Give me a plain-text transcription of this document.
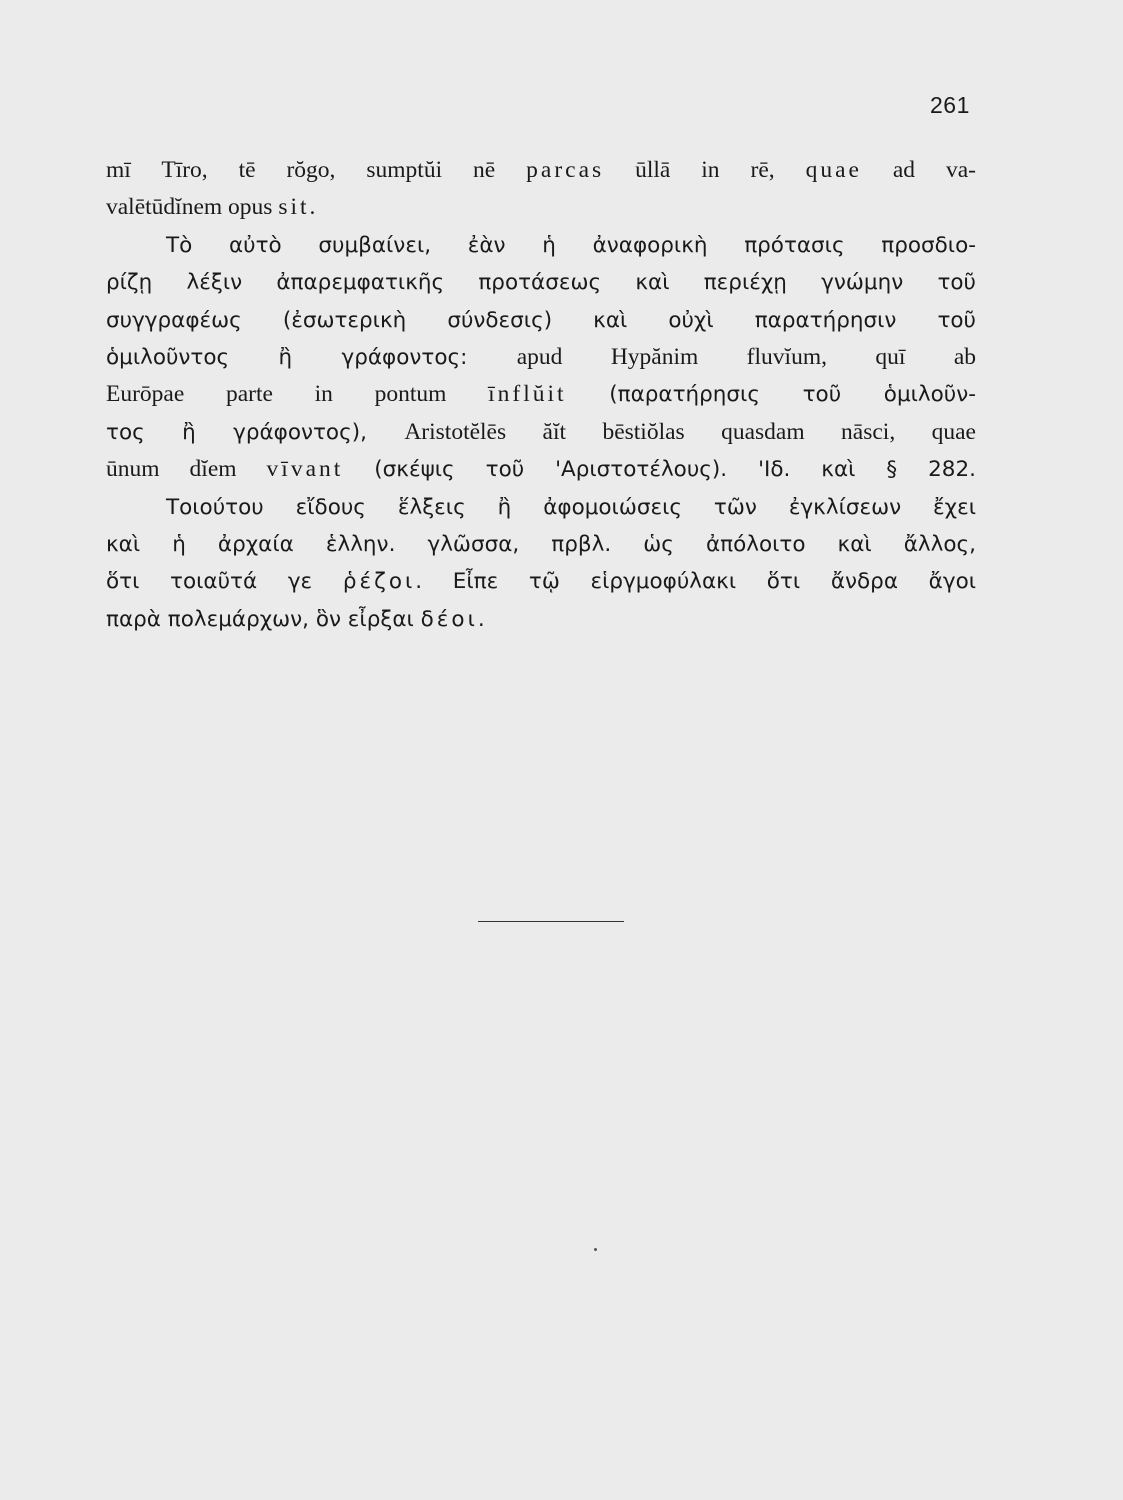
261
mī Tīro, tē rŏgo, sumptŭi nē parcas ūllā in rē, quae ad va-
valētūdĭnem opus sit.
Τὸ αὐτὸ συμβαίνει, ἐὰν ἡ ἀναφορικὴ πρότασις προσδιο-
ρίζῃ λέξιν ἀπαρεμφατικῆς προτάσεως καὶ περιέχῃ γνώμην τοῦ
συγγραφέως (ἐσωτερικὴ σύνδεσις) καὶ οὐχὶ παρατήρησιν τοῦ
ὁμιλοῦντος ἢ γράφοντος: apud Hypănim fluvĭum, quī ab
Eurōpae parte in pontum īnflŭit (παρατήρησις τοῦ ὁμιλοῦν-
τος ἢ γράφοντος), Aristotĕlēs ăĭt bēstiŏlas quasdam nāsci, quae
ūnum dĭem vīvant (σκέψις τοῦ 'Αριστοτέλους). 'Ιδ. καὶ § 282.
Τοιούτου εἴδους ἕλξεις ἢ ἀφομοιώσεις τῶν ἐγκλίσεων ἔχει
καὶ ἡ ἀρχαία ἑλλην. γλῶσσα, πρβλ. ὡς ἀπόλοιτο καὶ ἄλλος,
ὅτι τοιαῦτά γε ῥέζοι. Εἶπε τῷ εἱργμοφύλακι ὅτι ἄνδρα ἄγοι
παρὰ πολεμάρχων, ὃν εἶρξαι δέοι.
